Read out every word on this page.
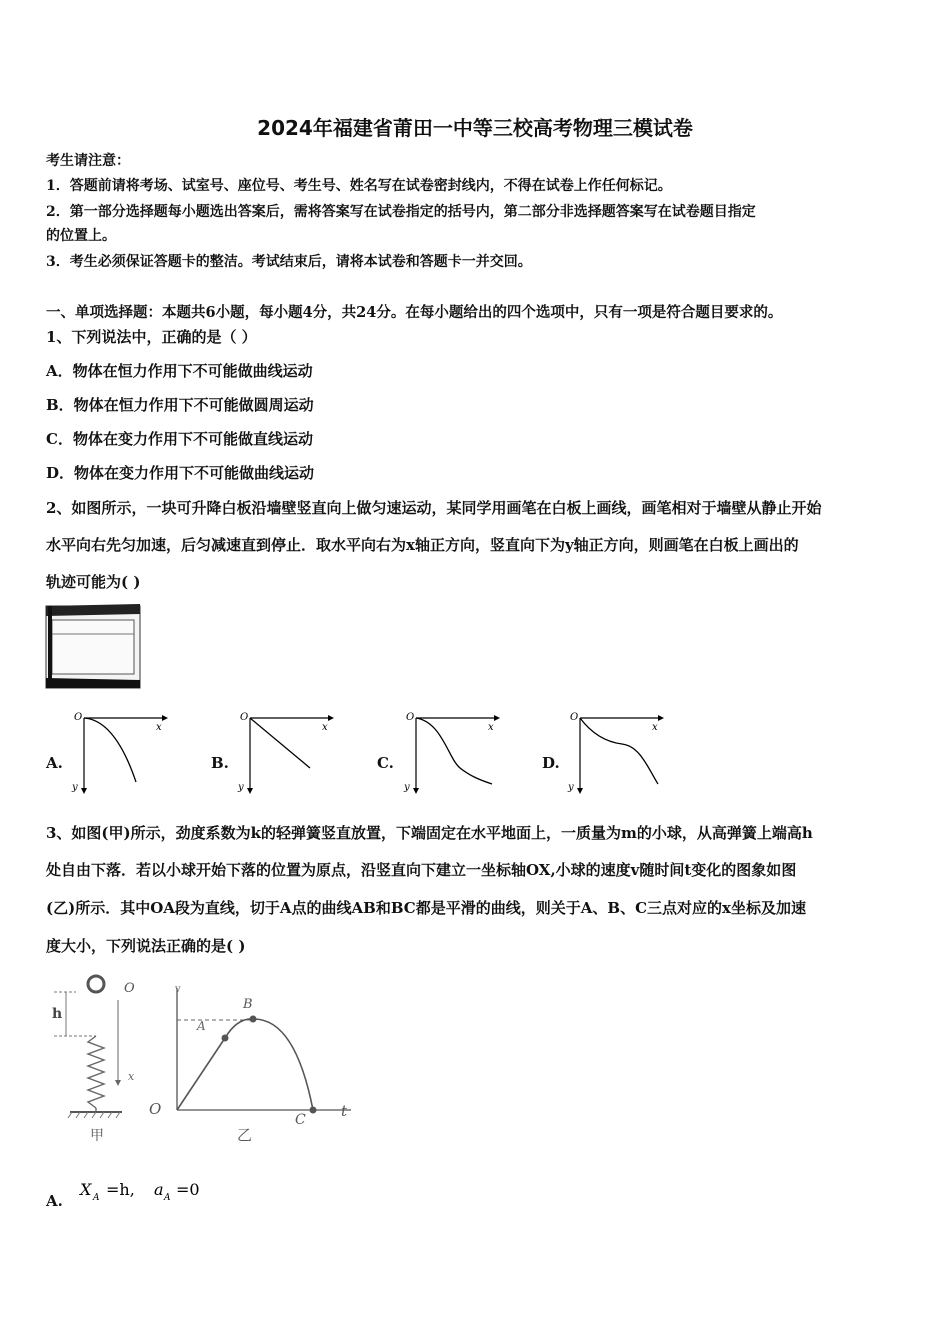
2024年福建省莆田一中等三校高考物理三模试卷
考生请注意：
1．答题前请将考场、试室号、座位号、考生号、姓名写在试卷密封线内，不得在试卷上作任何标记。
2．第一部分选择题每小题选出答案后，需将答案写在试卷指定的括号内，第二部分非选择题答案写在试卷题目指定
的位置上。
3．考生必须保证答题卡的整洁。考试结束后，请将本试卷和答题卡一并交回。
一、单项选择题：本题共6小题，每小题4分，共24分。在每小题给出的四个选项中，只有一项是符合题目要求的。
1、下列说法中，正确的是（ ）
A．物体在恒力作用下不可能做曲线运动
B．物体在恒力作用下不可能做圆周运动
C．物体在变力作用下不可能做直线运动
D．物体在变力作用下不可能做曲线运动
2、如图所示，一块可升降白板沿墙壁竖直向上做匀速运动，某同学用画笔在白板上画线，画笔相对于墙壁从静止开始
水平向右先匀加速，后匀减速直到停止．取水平向右为x轴正方向，竖直向下为y轴正方向，则画笔在白板上画出的
轨迹可能为( )
A.
O
x
y
B.
O
x
y
C.
O
x
y
D.
O
x
y
3、如图(甲)所示，劲度系数为k的轻弹簧竖直放置，下端固定在水平地面上，一质量为m的小球，从高弹簧上端高h
处自由下落．若以小球开始下落的位置为原点，沿竖直向下建立一坐标轴OX,小球的速度v随时间t变化的图象如图
(乙)所示．其中OA段为直线，切于A点的曲线AB和BC都是平滑的曲线，则关于A、B、C三点对应的x坐标及加速
度大小，下列说法正确的是( )
h
O
x
甲
v
O	t
A
B
C
乙
A.
X A =h, a A =0
